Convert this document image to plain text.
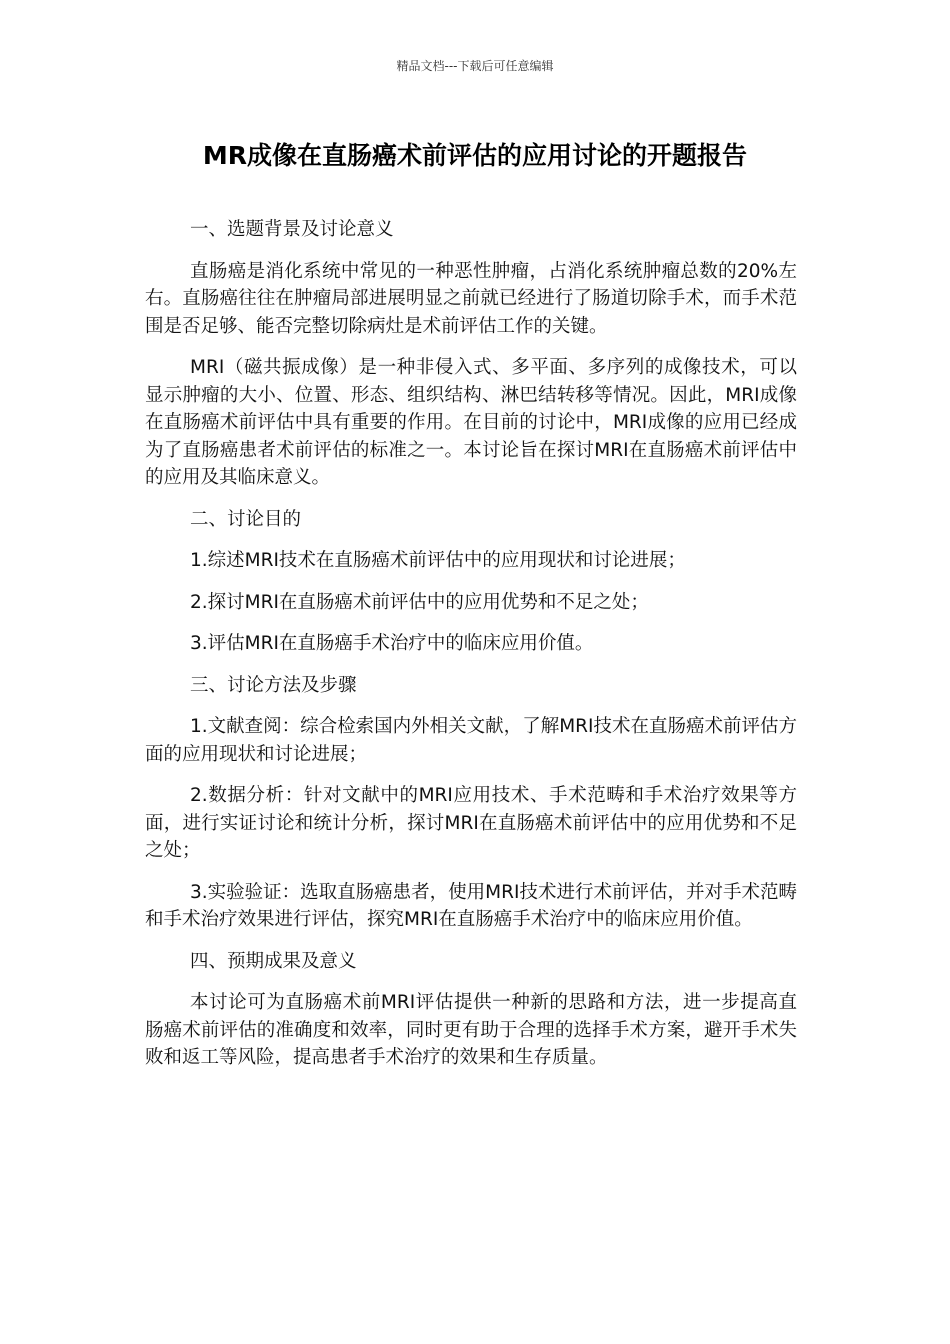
精品文档---下载后可任意编辑
MR成像在直肠癌术前评估的应用讨论的开题报告

一、选题背景及讨论意义

直肠癌是消化系统中常见的一种恶性肿瘤，占消化系统肿瘤总数的20%左右。直肠癌往往在肿瘤局部进展明显之前就已经进行了肠道切除手术，而手术范围是否足够、能否完整切除病灶是术前评估工作的关键。

MRI（磁共振成像）是一种非侵入式、多平面、多序列的成像技术，可以显示肿瘤的大小、位置、形态、组织结构、淋巴结转移等情况。因此，MRI成像在直肠癌术前评估中具有重要的作用。在目前的讨论中，MRI成像的应用已经成为了直肠癌患者术前评估的标准之一。本讨论旨在探讨MRI在直肠癌术前评估中的应用及其临床意义。

二、讨论目的

1.综述MRI技术在直肠癌术前评估中的应用现状和讨论进展；

2.探讨MRI在直肠癌术前评估中的应用优势和不足之处；

3.评估MRI在直肠癌手术治疗中的临床应用价值。

三、讨论方法及步骤

1.文献查阅：综合检索国内外相关文献，了解MRI技术在直肠癌术前评估方面的应用现状和讨论进展；

2.数据分析：针对文献中的MRI应用技术、手术范畴和手术治疗效果等方面，进行实证讨论和统计分析，探讨MRI在直肠癌术前评估中的应用优势和不足之处；

3.实验验证：选取直肠癌患者，使用MRI技术进行术前评估，并对手术范畴和手术治疗效果进行评估，探究MRI在直肠癌手术治疗中的临床应用价值。

四、预期成果及意义

本讨论可为直肠癌术前MRI评估提供一种新的思路和方法，进一步提高直肠癌术前评估的准确度和效率，同时更有助于合理的选择手术方案，避开手术失败和返工等风险，提高患者手术治疗的效果和生存质量。
